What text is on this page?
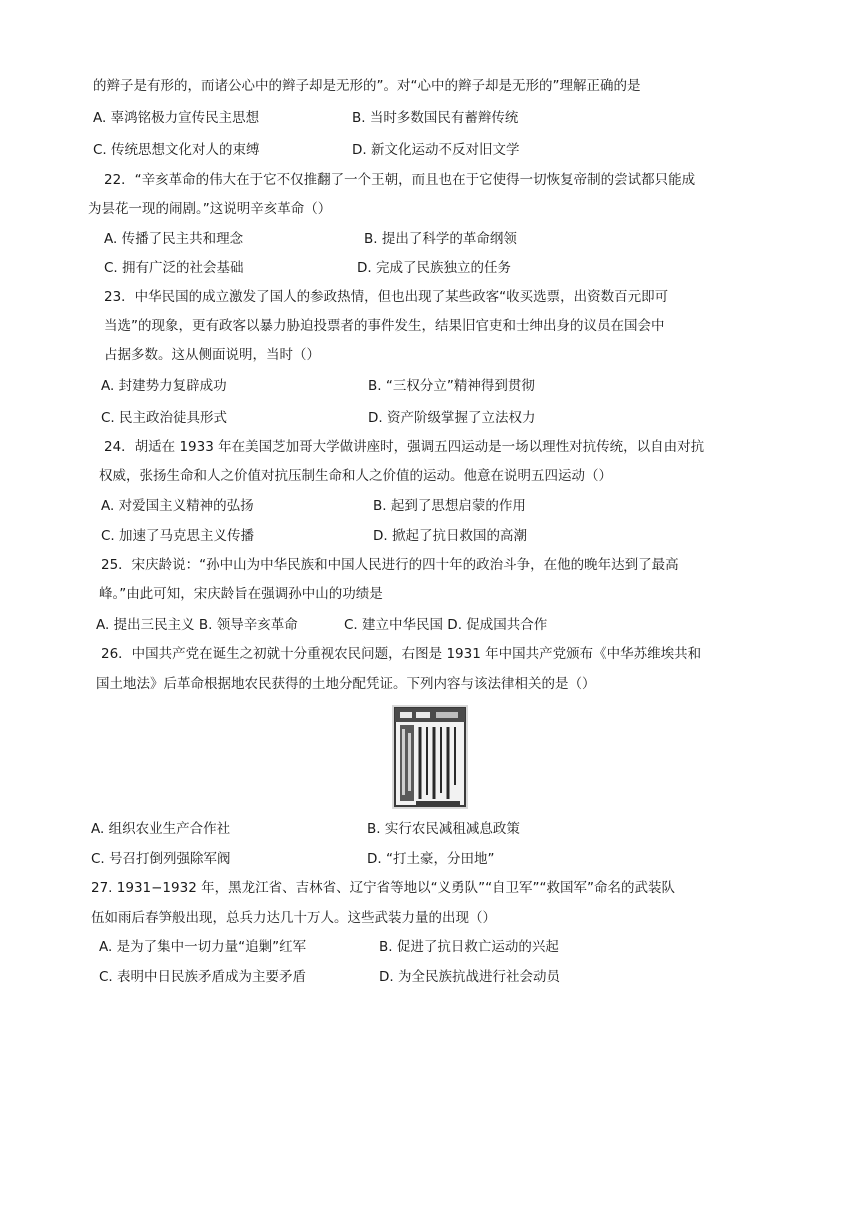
的辫子是有形的，而诸公心中的辫子却是无形的”。对“心中的辫子却是无形的”理解正确的是
A. 辜鸿铭极力宣传民主思想	B. 当时多数国民有蓄辫传统
C. 传统思想文化对人的束缚	D. 新文化运动不反对旧文学
22．“辛亥革命的伟大在于它不仅推翻了一个王朝，而且也在于它使得一切恢复帝制的尝试都只能成
为昙花一现的闹剧。”这说明辛亥革命（）
A. 传播了民主共和理念	B. 提出了科学的革命纲领
C. 拥有广泛的社会基础	D. 完成了民族独立的任务
23．中华民国的成立激发了国人的参政热情，但也出现了某些政客“收买选票，出资数百元即可
当选”的现象，更有政客以暴力胁迫投票者的事件发生，结果旧官吏和士绅出身的议员在国会中
占据多数。这从侧面说明，当时（）
A. 封建势力复辟成功	B. “三权分立”精神得到贯彻
C. 民主政治徒具形式	D. 资产阶级掌握了立法权力
24．胡适在 1933 年在美国芝加哥大学做讲座时，强调五四运动是一场以理性对抗传统，以自由对抗
权威，张扬生命和人之价值对抗压制生命和人之价值的运动。他意在说明五四运动（）
A. 对爱国主义精神的弘扬	B. 起到了思想启蒙的作用
C. 加速了马克思主义传播	D. 掀起了抗日救国的高潮
25．宋庆龄说：“孙中山为中华民族和中国人民进行的四十年的政治斗争，在他的晚年达到了最高
峰。”由此可知，宋庆龄旨在强调孙中山的功绩是
A. 提出三民主义 B. 领导辛亥革命	C. 建立中华民国 D. 促成国共合作
26．中国共产党在诞生之初就十分重视农民问题，右图是 1931 年中国共产党颁布《中华苏维埃共和
国土地法》后革命根据地农民获得的土地分配凭证。下列内容与该法律相关的是（）
A. 组织农业生产合作社	B. 实行农民减租减息政策
C. 号召打倒列强除军阀	D. “打土豪，分田地”
27. 1931−1932 年，黑龙江省、吉林省、辽宁省等地以“义勇队”“自卫军”“救国军”命名的武装队
伍如雨后春笋般出现，总兵力达几十万人。这些武装力量的出现（）
A. 是为了集中一切力量“追剿”红军	B. 促进了抗日救亡运动的兴起
C. 表明中日民族矛盾成为主要矛盾	D. 为全民族抗战进行社会动员
